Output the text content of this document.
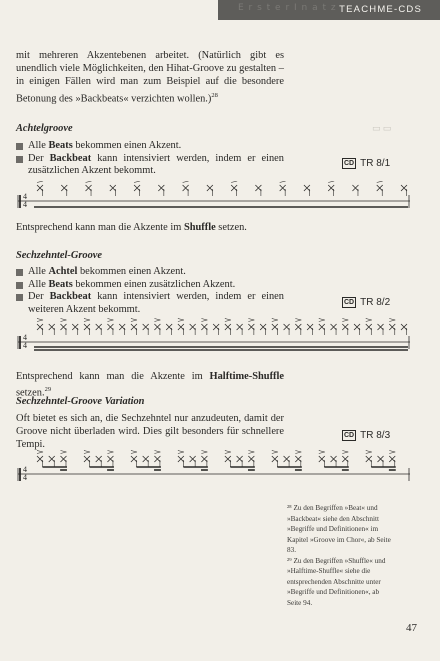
E r s t e r I n a t z TEACHME-CDS
▭ ▭
mit mehreren Akzentebenen arbeitet. (Natürlich gibt es unendlich viele Möglichkeiten, den Hihat-Groove zu gestalten – in einigen Fällen wird man zum Beispiel auf die besondere Betonung des »Backbeats« verzichten wollen.)$^{28}$
Achtelgroove
Alle Beats bekommen einen Akzent.
Der Backbeat kann intensiviert werden, indem er einen zusätzlichen Akzent bekommt.
CD TR 8/1
4
4
Entsprechend kann man die Akzente im Shuffle setzen.
Sechzehntel-Groove
Alle Achtel bekommen einen Akzent.
Alle Beats bekommen einen zusätzlichen Akzent.
Der Backbeat kann intensiviert werden, indem er einen weiteren Akzent bekommt.
CD TR 8/2
4
4
Entsprechend kann man die Akzente im Halftime-Shuffle setzen.$^{29}$
Sechzehntel-Groove Variation
Oft bietet es sich an, die Sechzehntel nur anzudeuten, damit der Groove nicht überladen wird. Dies gilt besonders für schnellere Tempi.
CD TR 8/3
4
4
²⁸ Zu den Begriffen »Beat« und »Backbeat« siehe den Abschnitt »Begriffe und Definitionen« im Kapitel »Groove im Chor«, ab Seite 83.
²⁹ Zu den Begriffen »Shuffle« und »Halftime-Shuffle« siehe die entsprechenden Abschnitte unter »Begriffe und Definitionen«, ab Seite 94.
47
